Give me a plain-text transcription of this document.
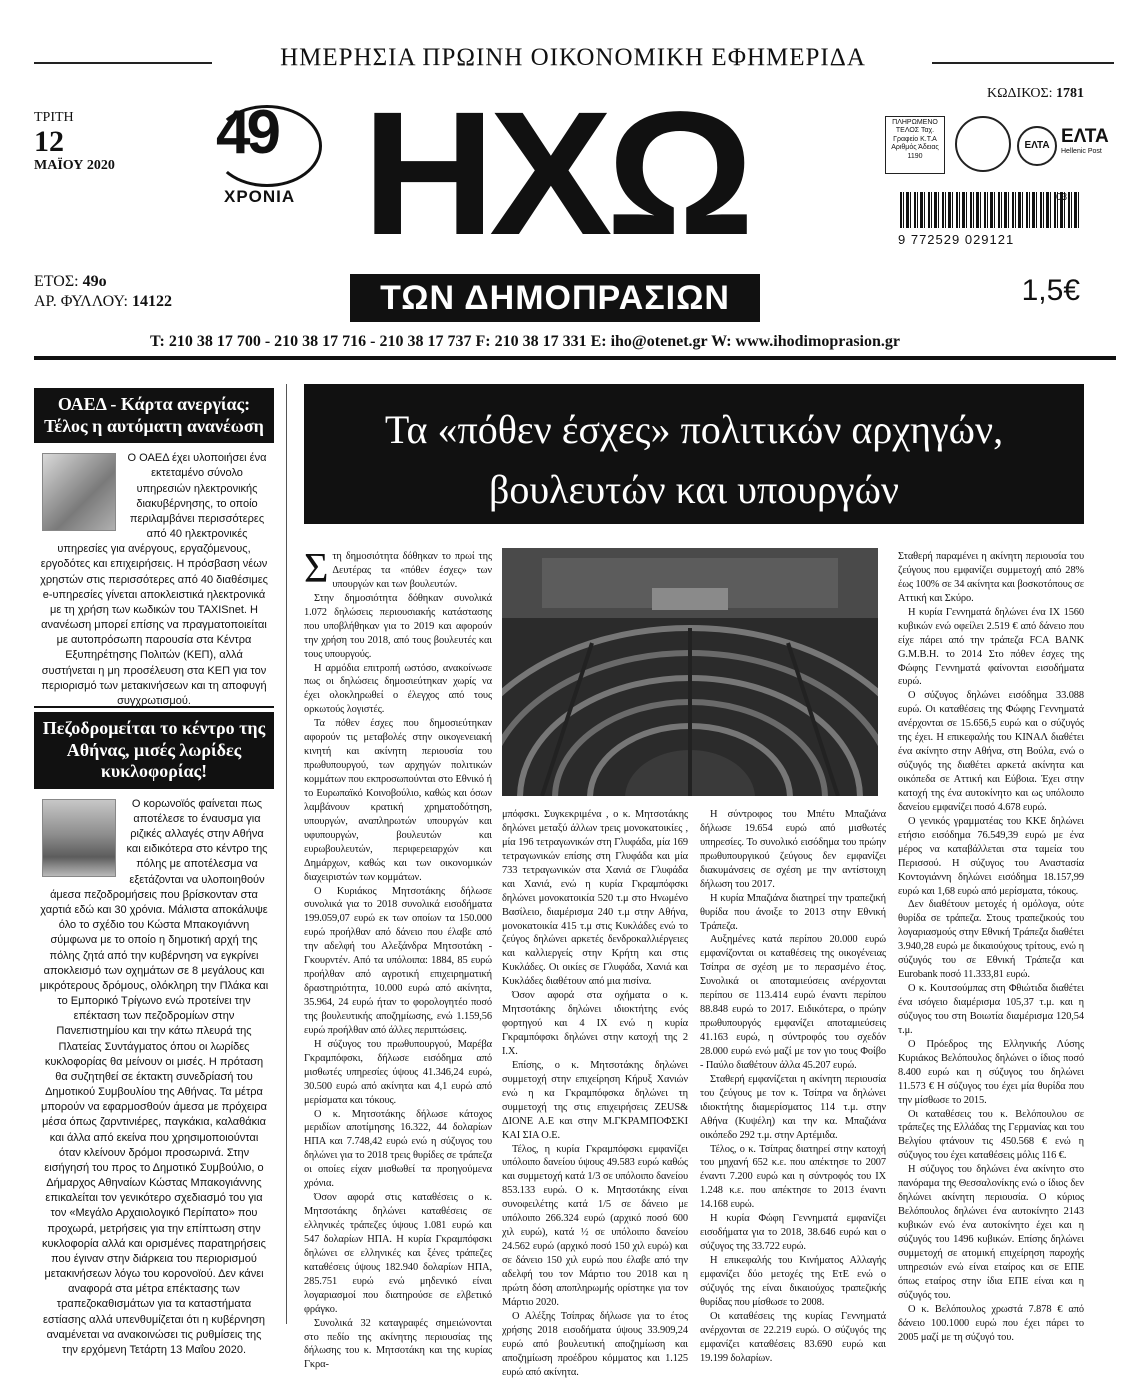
ΗΜΕΡΗΣΙΑ ΠΡΩΙΝΗ ΟΙΚΟΝΟΜΙΚΗ ΕΦΗΜΕΡΙΔΑ
ΤΡΙΤΗ
12
ΜΑΪΟΥ 2020 49
ΧΡΟΝΙΑ ΗΧΩ
ΤΩΝ ΔΗΜΟΠΡΑΣΙΩΝ
ΚΩΔΙΚΟΣ: 1781
ΠΛΗΡΩΜΕΝΟ ΤΕΛΟΣ Ταχ. Γραφείο Κ.Τ.Α Αριθμός Άδειας 1190
ΕΛΤΑ ΕΛΤΑ
Hellenic Post
03
9 772529 029121
ΕΤΟΣ: 49ο
ΑΡ. ΦΥΛΛΟΥ: 14122	1,5€
T: 210 38 17 700 - 210 38 17 716 - 210 38 17 737 F: 210 38 17 331 E: iho@otenet.gr W: www.ihodimoprasion.gr
ΟΑΕΔ - Κάρτα ανεργίας: Τέλος η αυτόματη ανανέωση
Ο ΟΑΕΔ έχει υλοποιήσει ένα εκτεταμένο σύνολο υπηρεσιών ηλεκτρονικής διακυβέρνησης, το οποίο περιλαμβάνει περισσότερες από 40 ηλεκτρονικές υπηρεσίες για ανέργους, εργαζόμενους, εργοδότες και επιχειρήσεις. Η πρόσβαση νέων χρηστών στις περισσότερες από 40 διαθέσιμες e-υπηρεσίες γίνεται αποκλειστικά ηλεκτρονικά με τη χρήση των κωδικών του TAXISnet. Η ανανέωση μπορεί επίσης να πραγματοποιείται με αυτοπρόσωπη παρουσία στα Κέντρα Εξυπηρέτησης Πολιτών (ΚΕΠ), αλλά συστήνεται η μη προσέλευση στα ΚΕΠ για τον περιορισμό των μετακινήσεων και τη αποφυγή συγχρωτισμού.
Πεζοδρομείται το κέντρο της Αθήνας, μισές λωρίδες κυκλοφορίας!
Ο κορωνοϊός φαίνεται πως αποτέλεσε το έναυσμα για ριζικές αλλαγές στην Αθήνα και ειδικότερα στο κέντρο της πόλης με αποτέλεσμα να εξετάζονται να υλοποιηθούν άμεσα πεζοδρομήσεις που βρίσκονταν στα χαρτιά εδώ και 30 χρόνια. Μάλιστα αποκάλυψε όλο το σχέδιο του Κώστα Μπακογιάννη σύμφωνα με το οποίο η δημοτική αρχή της πόλης ζητά από την κυβέρνηση να εγκρίνει αποκλεισμό των οχημάτων σε 8 μεγάλους και μικρότερους δρόμους, ολόκληρη την Πλάκα και το Εμπορικό Τρίγωνο ενώ προτείνει την επέκταση των πεζοδρομίων στην Πανεπιστημίου και την κάτω πλευρά της Πλατείας Συντάγματος όπου οι λωρίδες κυκλοφορίας θα μείνουν οι μισές. Η πρόταση θα συζητηθεί σε έκτακτη συνεδρίασή του Δημοτικού Συμβουλίου της Αθήνας. Τα μέτρα μπορούν να εφαρμοσθούν άμεσα με πρόχειρα μέσα όπως ζαρντινιέρες, παγκάκια, καλαθάκια και άλλα από εκείνα που χρησιμοποιούνται όταν κλείνουν δρόμοι προσωρινά. Στην εισήγησή του προς το Δημοτικό Συμβούλιο, ο Δήμαρχος Αθηναίων Κώστας Μπακογιάννης επικαλείται τον γενικότερο σχεδιασμό του για τον «Μεγάλο Αρχαιολογικό Περίπατο» που προχωρά, μετρήσεις για την επίπτωση στην κυκλοφορία αλλά και ορισμένες παρατηρήσεις που έγιναν στην διάρκεια του περιορισμού μετακινήσεων λόγω του κορονοϊού. Δεν κάνει αναφορά στα μέτρα επέκτασης των τραπεζοκαθισμάτων για τα καταστήματα εστίασης αλλά υπενθυμίζεται ότι η κυβέρνηση αναμένεται να ανακοινώσει τις ρυθμίσεις της την ερχόμενη Τετάρτη 13 Μαΐου 2020.
Τα «πόθεν έσχες» πολιτικών αρχηγών, βουλευτών και υπουργών

Στη δημοσιότητα δόθηκαν το πρωί της Δευτέρας τα «πόθεν έσχες» των υπουργών και των βουλευτών.

Στην δημοσιότητα δόθηκαν συνολικά 1.072 δηλώσεις περιουσιακής κατάστασης που υποβλήθηκαν για το 2019 και αφορούν την χρήση του 2018, από τους βουλευτές και τους υπουργούς.

Η αρμόδια επιτροπή ωστόσο, ανακοίνωσε πως οι δηλώσεις δημοσιεύτηκαν χωρίς να έχει ολοκληρωθεί ο έλεγχος από τους ορκωτούς λογιστές.

Τα πόθεν έσχες που δημοσιεύτηκαν αφορούν τις μεταβολές στην οικογενειακή κινητή και ακίνητη περιουσία του πρωθυπουργού, των αρχηγών πολιτικών κομμάτων που εκπροσωπούνται στο Εθνικό ή το Ευρωπαϊκό Κοινοβούλιο, καθώς και όσων λαμβάνουν κρατική χρηματοδότηση, υπουργών, αναπληρωτών υπουργών και υφυπουργών, βουλευτών και ευρωβουλευτών, περιφερειαρχών και Δημάρχων, καθώς και των οικονομικών διαχειριστών των κομμάτων.

Ο Κυριάκος Μητσοτάκης δήλωσε συνολικά για το 2018 συνολικά εισοδήματα 199.059,07 ευρώ εκ των οποίων τα 150.000 ευρώ προήλθαν από δάνειο που έλαβε από την αδελφή του Αλεξάνδρα Μητσοτάκη - Γκουρντέν. Από τα υπόλοιπα: 1884, 85 ευρώ προήλθαν από αγροτική επιχειρηματική δραστηριότητα, 10.000 ευρώ από ακίνητα, 35.964, 24 ευρώ ήταν το φορολογητέο ποσό της βουλευτικής αποζημίωσης, ενώ 1.159,56 ευρώ προήλθαν από άλλες περιπτώσεις.

Η σύζυγος του πρωθυπουργού, Μαρέβα Γκραμπόφσκι, δήλωσε εισόδημα από μισθωτές υπηρεσίες ύψους 41.346,24 ευρώ, 30.500 ευρώ από ακίνητα και 4,1 ευρώ από μερίσματα και τόκους.

Ο κ. Μητσοτάκης δήλωσε κάτοχος μεριδίων αποτίμησης 16.322, 44 δολαρίων ΗΠΑ και 7.748,42 ευρώ ενώ η σύζυγος του δηλώνει για το 2018 τρεις θυρίδες σε τράπεζα οι οποίες είχαν μισθωθεί τα προηγούμενα χρόνια.

Όσον αφορά στις καταθέσεις ο κ. Μητσοτάκης δηλώνει καταθέσεις σε ελληνικές τράπεζες ύψους 1.081 ευρώ και 547 δολαρίων ΗΠΑ. Η κυρία Γκραμπόφσκι δηλώνει σε ελληνικές και ξένες τράπεζες καταθέσεις ύψους 182.940 δολαρίων ΗΠΑ, 285.751 ευρώ ενώ μηδενικό είναι λογαριασμοί που διατηρούσε σε ελβετικό φράγκο.

Συνολικά 32 καταγραφές σημειώνονται στο πεδίο της ακίνητης περιουσίας της δήλωσης του κ. Μητσοτάκη και της κυρίας Γκρα-

μπόφσκι. Συγκεκριμένα , ο κ. Μητσοτάκης δηλώνει μεταξύ άλλων τρεις μονοκατοικίες , μία 196 τετραγωνικών στη Γλυφάδα, μία 169 τετραγωνικών επίσης στη Γλυφάδα και μία 733 τετραγωνικών στα Χανιά σε Γλυφάδα και Χανιά, ενώ η κυρία Γκραμπόφσκι δηλώνει μονοκατοικία 520 τ.μ στο Ηνωμένο Βασίλειο, διαμέρισμα 240 τ.μ στην Αθήνα, μονοκατοικία 415 τ.μ στις Κυκλάδες ενώ το ζεύγος δηλώνει αρκετές δενδροκαλλιέργειες και καλλιεργείς στην Κρήτη και στις Κυκλάδες. Οι οικίες σε Γλυφάδα, Χανιά και Κυκλάδες διαθέτουν από μια πισίνα.

Όσον αφορά στα οχήματα ο κ. Μητσοτάκης δηλώνει ιδιοκτήτης ενός φορτηγού και 4 ΙΧ ενώ η κυρία Γκραμπόφσκι δηλώνει στην κατοχή της 2 Ι.Χ.

Επίσης, ο κ. Μητσοτάκης δηλώνει συμμετοχή στην επιχείρηση Κήρυξ Χανιών ενώ η κα Γκραμπόφσκα δηλώνει τη συμμετοχή της στις επιχειρήσεις ZEUS& ΔΙΟΝΕ Α.Ε και στην Μ.ΓΚΡΑΜΠΟΦΣΚΙ ΚΑΙ ΣΙΑ Ο.Ε.

Τέλος, η κυρία Γκραμπόφσκι εμφανίζει υπόλοιπο δανείου ύψους 49.583 ευρώ καθώς και συμμετοχή κατά 1/3 σε υπόλοιπο δανείου 853.133 ευρώ. Ο κ. Μητσοτάκης είναι συνοφειλέτης κατά 1/5 σε δάνειο με υπόλοιπο 266.324 ευρώ (αρχικό ποσό 600 χιλ ευρώ), κατά ½ σε υπόλοιπο δανείου 24.562 ευρώ (αρχικό ποσό 150 χιλ ευρώ) και σε δάνειο 150 χιλ ευρώ που έλαβε από την αδελφή του τον Μάρτιο του 2018 και η πρώτη δόση αποπληρωμής ορίστηκε για τον Μάρτιο 2020.

Ο Αλέξης Τσίπρας δήλωσε για το έτος χρήσης 2018 εισοδήματα ύψους 33.909,24 ευρώ από βουλευτική αποζημίωση και αποζημίωση προέδρου κόμματος και 1.125 ευρώ από ακίνητα.

Η σύντροφος του Μπέτυ Μπαζιάνα δήλωσε 19.654 ευρώ από μισθωτές υπηρεσίες. Το συνολικό εισόδημα του πρώην πρωθυπουργικού ζεύγους δεν εμφανίζει διακυμάνσεις σε σχέση με την αντίστοιχη δήλωση του 2017.

Η κυρία Μπαζιάνα διατηρεί την τραπεζική θυρίδα που άνοιξε το 2013 στην Εθνική Τράπεζα.

Αυξημένες κατά περίπου 20.000 ευρώ εμφανίζονται οι καταθέσεις της οικογένειας Τσίπρα σε σχέση με το περασμένο έτος. Συνολικά οι αποταμιεύσεις ανέρχονται περίπου σε 113.414 ευρώ έναντι περίπου 88.848 ευρώ το 2017. Ειδικότερα, ο πρώην πρωθυπουργός εμφανίζει αποταμιεύσεις 41.163 ευρώ, η σύντροφός του σχεδόν 28.000 ευρώ ενώ μαζί με τον γιο τους Φοίβο - Παύλο διαθέτουν άλλα 45.207 ευρώ.

Σταθερή εμφανίζεται η ακίνητη περιουσία του ζεύγους με τον κ. Τσίπρα να δηλώνει ιδιοκτήτης διαμερίσματος 114 τ.μ. στην Αθήνα (Κυψέλη) και την κα. Μπαζιάνα οικόπεδο 292 τ.μ. στην Αρτέμιδα.

Τέλος, ο κ. Τσίπρας διατηρεί στην κατοχή του μηχανή 652 κ.ε. που απέκτησε το 2007 έναντι 7.200 ευρώ και η σύντροφός του ΙΧ 1.248 κ.ε. που απέκτησε το 2013 έναντι 14.168 ευρώ.

Η κυρία Φώφη Γεννηματά εμφανίζει εισοδήματα για το 2018, 38.646 ευρώ και ο σύζυγος της 33.722 ευρώ.

Η επικεφαλής του Κινήματος Αλλαγής εμφανίζει δύο μετοχές της ΕτΕ ενώ ο σύζυγός της είναι δικαιούχος τραπεζικής θυρίδας που μίσθωσε το 2008.

Οι καταθέσεις της κυρίας Γεννηματά ανέρχονται σε 22.219 ευρώ. Ο σύζυγός της εμφανίζει καταθέσεις 83.690 ευρώ και 19.199 δολαρίων.

Σταθερή παραμένει η ακίνητη περιουσία του ζεύγους που εμφανίζει συμμετοχή από 28% έως 100% σε 34 ακίνητα και βοσκοτόπους σε Αττική και Σκύρο.

Η κυρία Γεννηματά δηλώνει ένα ΙΧ 1560 κυβικών ενώ οφείλει 2.519 € από δάνειο που είχε πάρει από την τράπεζα FCA BANK G.M.B.H. το 2014 Στο πόθεν έσχες της Φώφης Γεννηματά φαίνονται εισοδήματα ευρώ.

Ο σύζυγος δηλώνει εισόδημα 33.088 ευρώ. Οι καταθέσεις της Φώφης Γεννηματά ανέρχονται σε 15.656,5 ευρώ και ο σύζυγός της έχει. Η επικεφαλής του ΚΙΝΑΛ διαθέτει ένα ακίνητο στην Αθήνα, στη Βούλα, ενώ ο σύζυγός της διαθέτει αρκετά ακίνητα και οικόπεδα σε Αττική και Εύβοια. Έχει στην κατοχή της ένα αυτοκίνητο και ως υπόλοιπο δανείου εμφανίζει ποσό 4.678 ευρώ.

Ο γενικός γραμματέας του ΚΚΕ δηλώνει ετήσιο εισόδημα 76.549,39 ευρώ με ένα μέρος να καταβάλλεται στα ταμεία του Περισσού. Η σύζυγος του Αναστασία Κοντογιάννη δηλώνει εισόδημα 18.157,99 ευρώ και 1,68 ευρώ από μερίσματα, τόκους.

Δεν διαθέτουν μετοχές ή ομόλογα, ούτε θυρίδα σε τράπεζα. Στους τραπεζικούς του λογαριασμούς στην Εθνική Τράπεζα διαθέτει 3.940,28 ευρώ με δικαιούχους τρίτους, ενώ η σύζυγός του σε Εθνική Τράπεζα και Eurobank ποσό 11.333,81 ευρώ.

Ο κ. Κουτσούμπας στη Φθιώτιδα διαθέτει ένα ισόγειο διαμέρισμα 105,37 τ.μ. και η σύζυγος του στη Βοιωτία διαμέρισμα 120,54 τ.μ.

Ο Πρόεδρος της Ελληνικής Λύσης Κυριάκος Βελόπουλος δηλώνει ο ίδιος ποσό 8.400 ευρώ και η σύζυγος του δηλώνει 11.573 € Η σύζυγος του έχει μία θυρίδα που την μίσθωσε το 2015.

Οι καταθέσεις του κ. Βελόπουλου σε τράπεζες της Ελλάδας της Γερμανίας και του Βελγίου φτάνουν τις 450.568 € ενώ η σύζυγος του έχει καταθέσεις μόλις 116 €.

Η σύζυγος του δηλώνει ένα ακίνητο στο πανόραμα της Θεσσαλονίκης ενώ ο ίδιος δεν δηλώνει ακίνητη περιουσία. Ο κύριος Βελόπουλος δηλώνει ένα αυτοκίνητο 2143 κυβικών ενώ ένα αυτοκίνητο έχει και η σύζυγός του 1496 κυβικών. Επίσης δηλώνει συμμετοχή σε ατομική επιχείρηση παροχής υπηρεσιών ενώ είναι εταίρος και σε ΕΠΕ όπως εταίρος στην ίδια ΕΠΕ είναι και η σύζυγός του.

Ο κ. Βελόπουλος χρωστά 7.878 € από δάνειο 100.1000 ευρώ που έχει πάρει το 2005 μαζί με τη σύζυγό του.
